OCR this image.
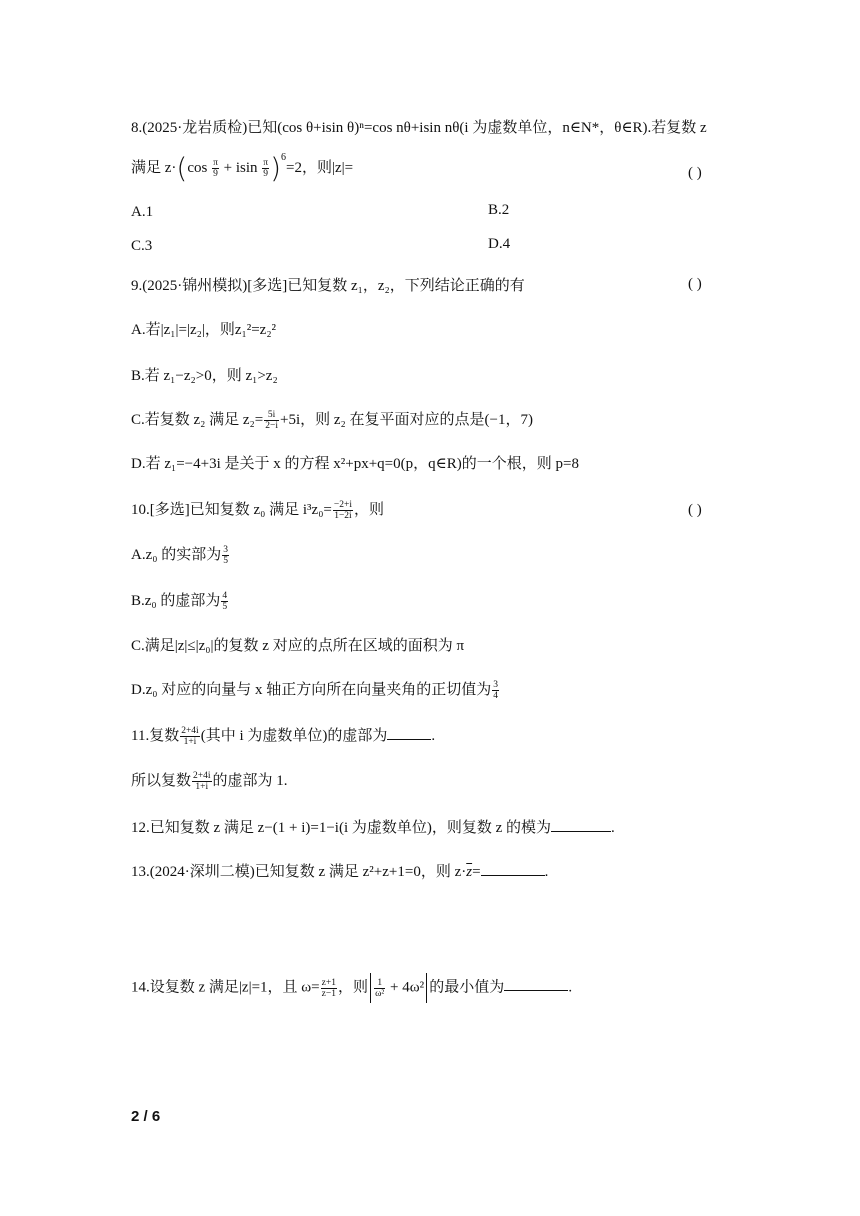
8.(2025·龙岩质检)已知(cos θ+isin θ)ⁿ=cos nθ+isin nθ(i 为虚数单位，n∈N*，θ∈R).若复数 z
满足 $z\cdot(\cos \frac{\pi}{9} + isin \frac{\pi}{9} )^6=2$，则|z|=	( )
A.1	B.2
C.3	D.4
9.(2025·锦州模拟)[多选]已知复数 z₁，z₂，下列结论正确的有	( )
A.若|z₁|=|z₂|，则z₁²=z₂²
B.若 z₁−z₂>0，则 z₁>z₂
C.若复数 z₂ 满足 $z_2= \frac{5i}{2-i} +5i$，则 z₂ 在复平面对应的点是(−1，7)
D.若 z₁=−4+3i 是关于 x 的方程 x²+px+q=0(p，q∈R)的一个根，则 p=8
10.[多选]已知复数 z₀ 满足 $i^3z_0= \frac{-2+i}{1-2i}$ ，则	( )
A.z₀ 的实部为 $\frac{3}{5}$
B.z₀ 的虚部为 $\frac{4}{5}$
C.满足|z|≤|z₀|的复数 z 对应的点所在区域的面积为 π
D.z₀ 对应的向量与 x 轴正方向所在向量夹角的正切值为 $\frac{3}{4}$
11.复数 $\frac{2+4i}{1+i}$ (其中 i 为虚数单位)的虚部为	.
所以复数 $\frac{2+4i}{1+i}$ 的虚部为 1.
12.已知复数 z 满足 z−(1 + i)=1−i(i 为虚数单位)，则复数 z 的模为	.
13.(2024·深圳二模)已知复数 z 满足 z²+z+1=0，则 $z\cdot\overline{z}=$	.
14.设复数 z 满足|z|=1，且 $\omega= \frac{z+1}{z-1}$ ，则 $\frac{1}{\text{ω²}} + 4\omega^2$ 的最小值为	.
2 / 6
